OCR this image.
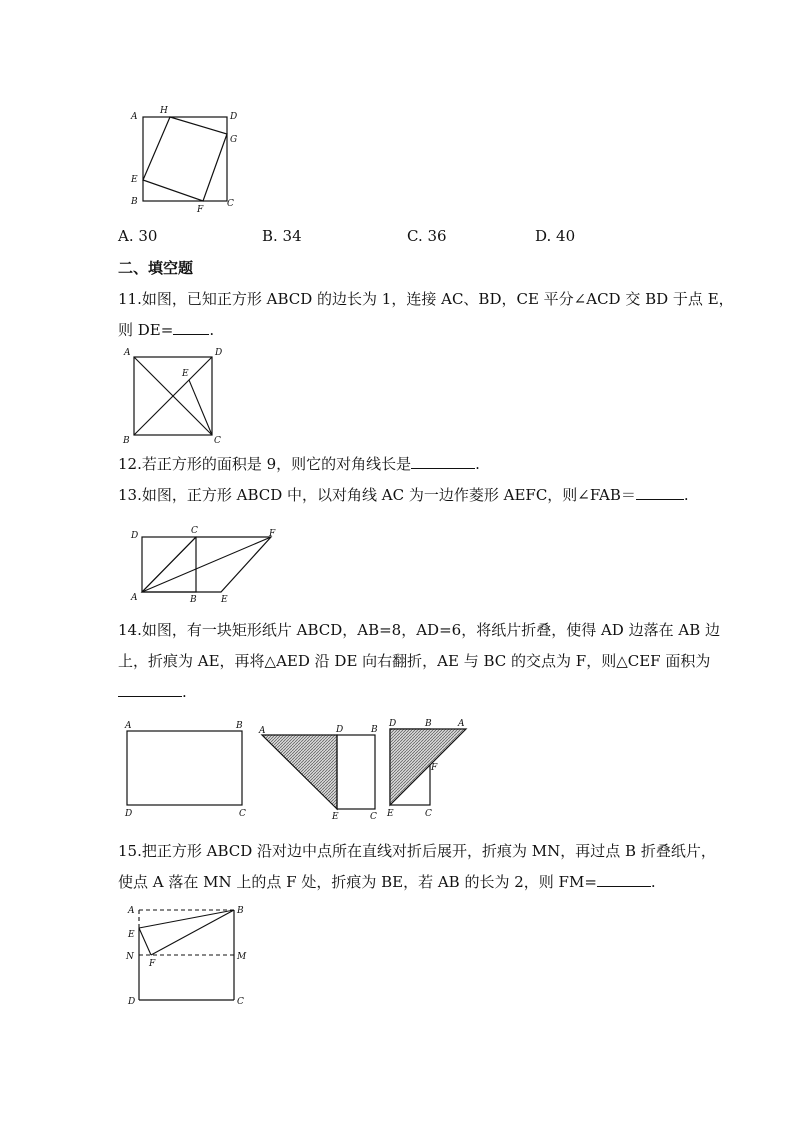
A
H
D
G
E
B
F
C
A. 30	B. 34	C. 36	D. 40
二、填空题
11.如图，已知正方形 ABCD 的边长为 1，连接 AC、BD，CE 平分∠ACD 交 BD 于点 E，
则 DE= .
A	D
E
B	C
12.若正方形的面积是 9，则它的对角线长是	.
13.如图，正方形 ABCD 中，以对角线 AC 为一边作菱形 AEFC，则∠FAB＝	.
D	C	F
A	B	E
14.如图，有一块矩形纸片 ABCD，AB=8，AD=6，将纸片折叠，使得 AD 边落在 AB 边
上，折痕为 AE，再将△AED 沿 DE 向右翻折，AE 与 BC 的交点为 F，则△CEF 面积为
.
A	B
D	C
A	D	B
E	C
D	B	A
F
E	C
15.把正方形 ABCD 沿对边中点所在直线对折后展开，折痕为 MN，再过点 B 折叠纸片，
使点 A 落在 MN 上的点 F 处，折痕为 BE，若 AB 的长为 2，则 FM=	.
A	B
E
N	M
F
D	C
